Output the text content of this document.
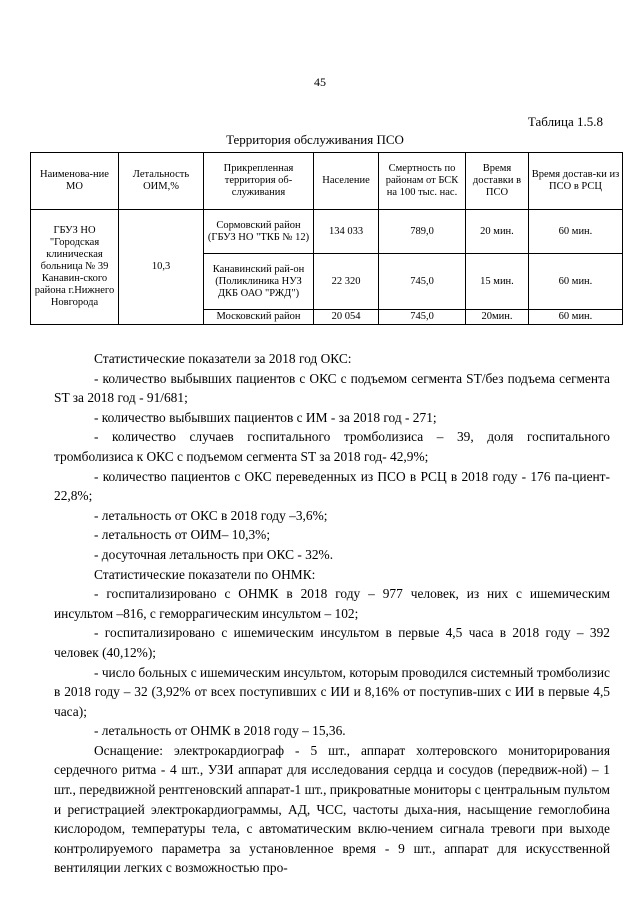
45
Таблица 1.5.8
Территория обслуживания ПСО
Наименова-ние МО	Летальность ОИМ,%	Прикрепленная территория об-служивания	Население	Смертность по районам от БСК на 100 тыс. нас.	Время доставки в ПСО	Время достав-ки из ПСО в РСЦ
ГБУЗ НО "Городская клиническая больница № 39 Канавин-ского района г.Нижнего Новгорода	10,3	Сормовский район (ГБУЗ НО "ТКБ № 12)	134 033	789,0	20 мин.	60 мин.
		Канавинский рай-он (Поликлиника НУЗ ДКБ ОАО "РЖД")	22 320	745,0	15 мин.	60 мин.
		Московский район	20 054	745,0	20мин.	60 мин.

Статистические показатели за 2018 год ОКС:

- количество выбывших пациентов с ОКС с подъемом сегмента ST/без подъема сегмента ST за 2018 год - 91/681;

- количество выбывших пациентов с ИМ - за 2018 год - 271;

- количество случаев госпитального тромболизиса – 39, доля госпитального тромболизиса к ОКС с подъемом сегмента ST за 2018 год- 42,9%;

- количество пациентов с ОКС переведенных из ПСО в РСЦ в 2018 году - 176 па-циент- 22,8%;

- летальность от ОКС в 2018 году –3,6%;

- летальность от ОИМ– 10,3%;

- досуточная летальность при ОКС - 32%.

Статистические показатели по ОНМК:

- госпитализировано с ОНМК в 2018 году – 977 человек, из них с ишемическим инсультом –816, с геморрагическим инсультом – 102;

- госпитализировано с ишемическим инсультом в первые 4,5 часа в 2018 году – 392 человек (40,12%);

- число больных с ишемическим инсультом, которым проводился системный тромболизис в 2018 году – 32 (3,92% от всех поступивших с ИИ и 8,16% от поступив-ших с ИИ в первые 4,5 часа);

- летальность от ОНМК в 2018 году – 15,36.

Оснащение: электрокардиограф - 5 шт., аппарат холтеровского мониторирования сердечного ритма - 4 шт., УЗИ аппарат для исследования сердца и сосудов (передвиж-ной) – 1 шт., передвижной рентгеновский аппарат-1 шт., прикроватные мониторы с центральным пультом и регистрацией электрокардиограммы, АД, ЧСС, частоты дыха-ния, насыщение гемоглобина кислородом, температуры тела, с автоматическим вклю-чением сигнала тревоги при выходе контролируемого параметра за установленное время - 9 шт., аппарат для искусственной вентиляции легких с возможностью про-
